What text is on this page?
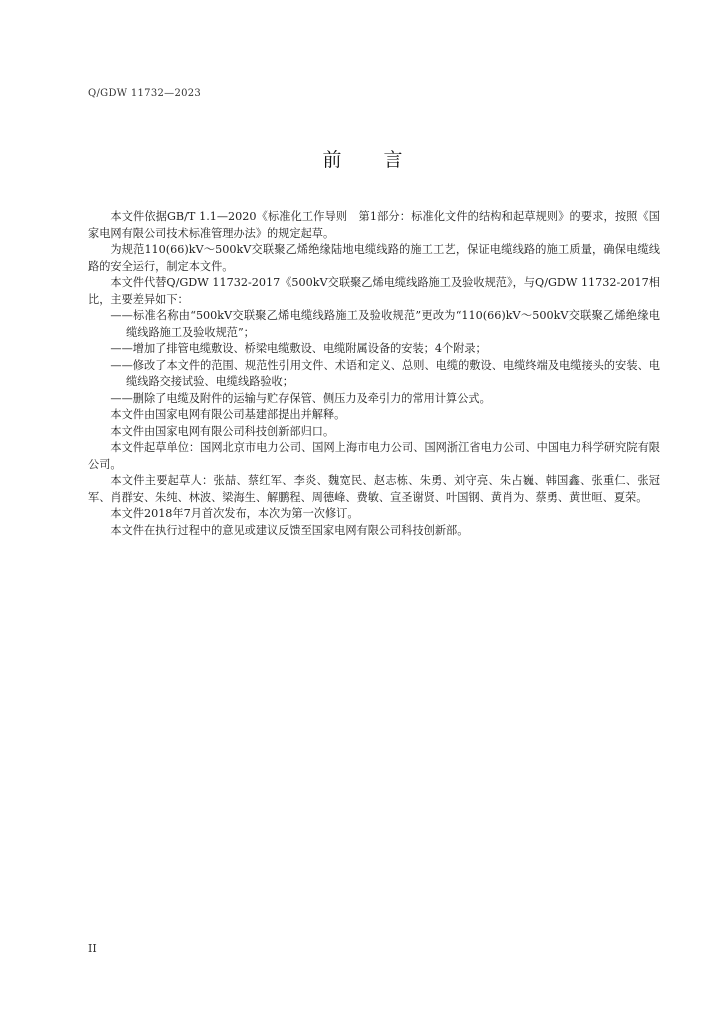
Q/GDW 11732—2023
前 言

本文件依据GB/T 1.1—2020《标准化工作导则　第1部分：标准化文件的结构和起草规则》的要求，按照《国家电网有限公司技术标准管理办法》的规定起草。

为规范110(66)kV～500kV交联聚乙烯绝缘陆地电缆线路的施工工艺，保证电缆线路的施工质量，确保电缆线路的安全运行，制定本文件。

本文件代替Q/GDW 11732-2017《500kV交联聚乙烯电缆线路施工及验收规范》，与Q/GDW 11732-2017相比，主要差异如下：

——标准名称由“500kV交联聚乙烯电缆线路施工及验收规范”更改为“110(66)kV～500kV交联聚乙烯绝缘电缆线路施工及验收规范”；

——增加了排管电缆敷设、桥梁电缆敷设、电缆附属设备的安装；4个附录；

——修改了本文件的范围、规范性引用文件、术语和定义、总则、电缆的敷设、电缆终端及电缆接头的安装、电缆线路交接试验、电缆线路验收；

——删除了电缆及附件的运输与贮存保管、侧压力及牵引力的常用计算公式。

本文件由国家电网有限公司基建部提出并解释。

本文件由国家电网有限公司科技创新部归口。

本文件起草单位：国网北京市电力公司、国网上海市电力公司、国网浙江省电力公司、中国电力科学研究院有限公司。

本文件主要起草人：张喆、蔡红军、李炎、魏宽民、赵志栋、朱勇、刘守亮、朱占巍、韩国鑫、张重仁、张冠军、肖群安、朱纯、林波、梁海生、解鹏程、周德峰、费敏、宣圣谢贤、叶国钢、黄肖为、蔡勇、黄世晅、夏荣。

本文件2018年7月首次发布，本次为第一次修订。

本文件在执行过程中的意见或建议反馈至国家电网有限公司科技创新部。

II
